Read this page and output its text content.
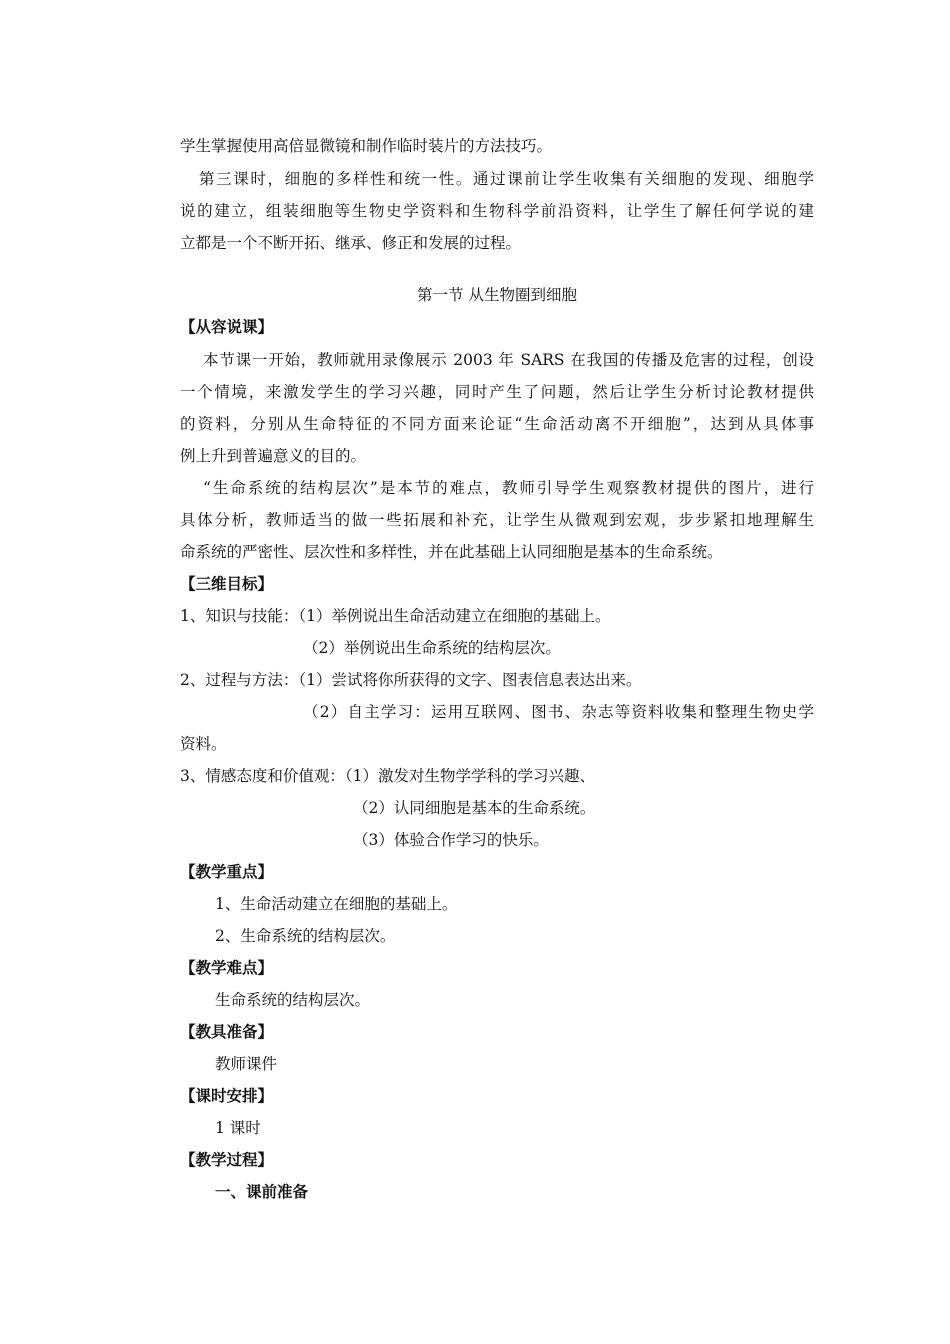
学生掌握使用高倍显微镜和制作临时装片的方法技巧。
第三课时，细胞的多样性和统一性。通过课前让学生收集有关细胞的发现、细胞学
说的建立，组装细胞等生物史学资料和生物科学前沿资料，让学生了解任何学说的建
立都是一个不断开拓、继承、修正和发展的过程。
第一节 从生物圈到细胞
【从容说课】
本节课一开始，教师就用录像展示 2003 年 SARS 在我国的传播及危害的过程，创设
一个情境，来激发学生的学习兴趣，同时产生了问题，然后让学生分析讨论教材提供
的资料，分别从生命特征的不同方面来论证“生命活动离不开细胞”，达到从具体事
例上升到普遍意义的目的。
“生命系统的结构层次”是本节的难点，教师引导学生观察教材提供的图片，进行
具体分析，教师适当的做一些拓展和补充，让学生从微观到宏观，步步紧扣地理解生
命系统的严密性、层次性和多样性，并在此基础上认同细胞是基本的生命系统。
【三维目标】
1、知识与技能：（1）举例说出生命活动建立在细胞的基础上。
（2）举例说出生命系统的结构层次。
2、过程与方法：（1）尝试将你所获得的文字、图表信息表达出来。
（2）自主学习：运用互联网、图书、杂志等资料收集和整理生物史学
资料。
3、情感态度和价值观：（1）激发对生物学学科的学习兴趣、
（2）认同细胞是基本的生命系统。
（3）体验合作学习的快乐。
【教学重点】
1、生命活动建立在细胞的基础上。
2、生命系统的结构层次。
【教学难点】
生命系统的结构层次。
【教具准备】
教师课件
【课时安排】
1 课时
【教学过程】
一、课前准备
